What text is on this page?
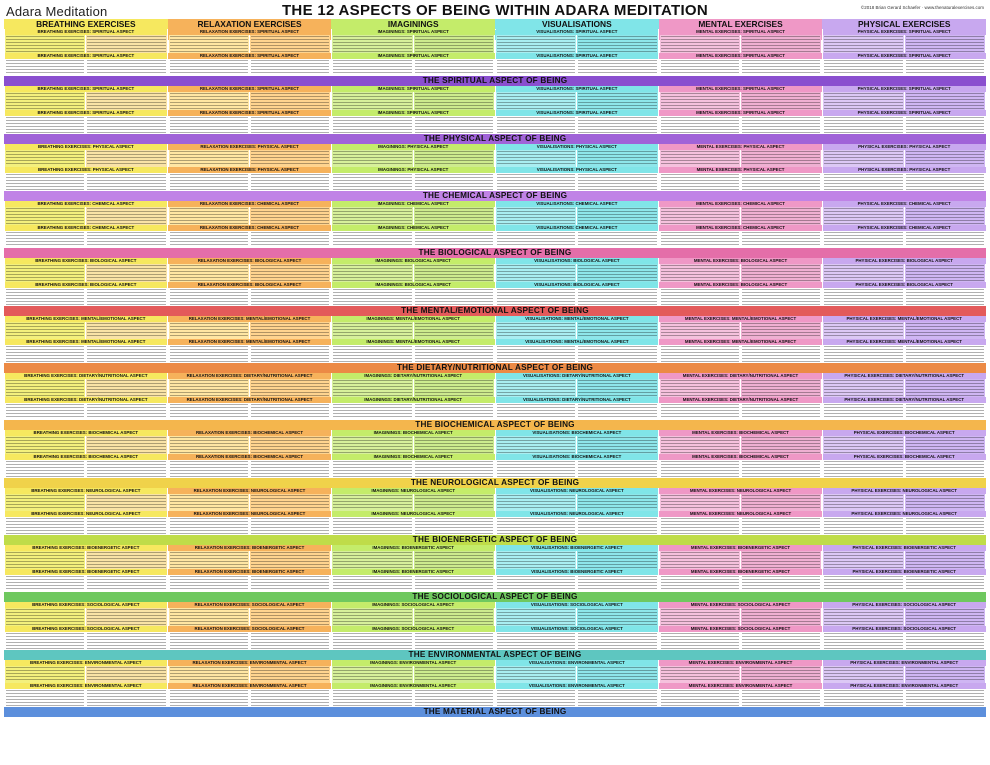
Adara Meditation	THE 12 ASPECTS OF BEING WITHIN ADARA MEDITATION	©2018 Brian Gerard Schaefer · www.thenaturalexercises.com
BREATHING EXERCISES	RELAXATION EXERCISES	IMAGININGS	VISUALISATIONS	MENTAL EXERCISES	PHYSICAL EXERCISES
BREATHING EXERCISES: SPIRITUAL ASPECT	RELAXATION EXERCISES: SPIRITUAL ASPECT	IMAGININGS: SPIRITUAL ASPECT	VISUALISATIONS: SPIRITUAL ASPECT	MENTAL EXERCISES: SPIRITUAL ASPECT	PHYSICAL EXERCISES: SPIRITUAL ASPECT
BREATHING EXERCISES: SPIRITUAL ASPECT	RELAXATION EXERCISES: SPIRITUAL ASPECT	IMAGININGS: SPIRITUAL ASPECT	VISUALISATIONS: SPIRITUAL ASPECT	MENTAL EXERCISES: SPIRITUAL ASPECT	PHYSICAL EXERCISES: SPIRITUAL ASPECT
THE SPIRITUAL ASPECT OF BEING
BREATHING EXERCISES: SPIRITUAL ASPECT	RELAXATION EXERCISES: SPIRITUAL ASPECT	IMAGININGS: SPIRITUAL ASPECT	VISUALISATIONS: SPIRITUAL ASPECT	MENTAL EXERCISES: SPIRITUAL ASPECT	PHYSICAL EXERCISES: SPIRITUAL ASPECT
BREATHING EXERCISES: SPIRITUAL ASPECT	RELAXATION EXERCISES: SPIRITUAL ASPECT	IMAGININGS: SPIRITUAL ASPECT	VISUALISATIONS: SPIRITUAL ASPECT	MENTAL EXERCISES: SPIRITUAL ASPECT	PHYSICAL EXERCISES: SPIRITUAL ASPECT
THE PHYSICAL ASPECT OF BEING
BREATHING EXERCISES: PHYSICAL ASPECT	RELAXATION EXERCISES: PHYSICAL ASPECT	IMAGININGS: PHYSICAL ASPECT	VISUALISATIONS: PHYSICAL ASPECT	MENTAL EXERCISES: PHYSICAL ASPECT	PHYSICAL EXERCISES: PHYSICAL ASPECT
BREATHING EXERCISES: PHYSICAL ASPECT	RELAXATION EXERCISES: PHYSICAL ASPECT	IMAGININGS: PHYSICAL ASPECT	VISUALISATIONS: PHYSICAL ASPECT	MENTAL EXERCISES: PHYSICAL ASPECT	PHYSICAL EXERCISES: PHYSICAL ASPECT
THE CHEMICAL ASPECT OF BEING
BREATHING EXERCISES: CHEMICAL ASPECT	RELAXATION EXERCISES: CHEMICAL ASPECT	IMAGININGS: CHEMICAL ASPECT	VISUALISATIONS: CHEMICAL ASPECT	MENTAL EXERCISES: CHEMICAL ASPECT	PHYSICAL EXERCISES: CHEMICAL ASPECT
BREATHING EXERCISES: CHEMICAL ASPECT	RELAXATION EXERCISES: CHEMICAL ASPECT	IMAGININGS: CHEMICAL ASPECT	VISUALISATIONS: CHEMICAL ASPECT	MENTAL EXERCISES: CHEMICAL ASPECT	PHYSICAL EXERCISES: CHEMICAL ASPECT
THE BIOLOGICAL ASPECT OF BEING
BREATHING EXERCISES: BIOLOGICAL ASPECT	RELAXATION EXERCISES: BIOLOGICAL ASPECT	IMAGININGS: BIOLOGICAL ASPECT	VISUALISATIONS: BIOLOGICAL ASPECT	MENTAL EXERCISES: BIOLOGICAL ASPECT	PHYSICAL EXERCISES: BIOLOGICAL ASPECT
BREATHING EXERCISES: BIOLOGICAL ASPECT	RELAXATION EXERCISES: BIOLOGICAL ASPECT	IMAGININGS: BIOLOGICAL ASPECT	VISUALISATIONS: BIOLOGICAL ASPECT	MENTAL EXERCISES: BIOLOGICAL ASPECT	PHYSICAL EXERCISES: BIOLOGICAL ASPECT
THE MENTAL/EMOTIONAL ASPECT OF BEING
BREATHING EXERCISES: MENTAL/EMOTIONAL ASPECT	RELAXATION EXERCISES: MENTAL/EMOTIONAL ASPECT	IMAGININGS: MENTAL/EMOTIONAL ASPECT	VISUALISATIONS: MENTAL/EMOTIONAL ASPECT	MENTAL EXERCISES: MENTAL/EMOTIONAL ASPECT	PHYSICAL EXERCISES: MENTAL/EMOTIONAL ASPECT
BREATHING EXERCISES: MENTAL/EMOTIONAL ASPECT	RELAXATION EXERCISES: MENTAL/EMOTIONAL ASPECT	IMAGININGS: MENTAL/EMOTIONAL ASPECT	VISUALISATIONS: MENTAL/EMOTIONAL ASPECT	MENTAL EXERCISES: MENTAL/EMOTIONAL ASPECT	PHYSICAL EXERCISES: MENTAL/EMOTIONAL ASPECT
THE DIETARY/NUTRITIONAL ASPECT OF BEING
BREATHING EXERCISES: DIETARY/NUTRITIONAL ASPECT	RELAXATION EXERCISES: DIETARY/NUTRITIONAL ASPECT	IMAGININGS: DIETARY/NUTRITIONAL ASPECT	VISUALISATIONS: DIETARY/NUTRITIONAL ASPECT	MENTAL EXERCISES: DIETARY/NUTRITIONAL ASPECT	PHYSICAL EXERCISES: DIETARY/NUTRITIONAL ASPECT
BREATHING EXERCISES: DIETARY/NUTRITIONAL ASPECT	RELAXATION EXERCISES: DIETARY/NUTRITIONAL ASPECT	IMAGININGS: DIETARY/NUTRITIONAL ASPECT	VISUALISATIONS: DIETARY/NUTRITIONAL ASPECT	MENTAL EXERCISES: DIETARY/NUTRITIONAL ASPECT	PHYSICAL EXERCISES: DIETARY/NUTRITIONAL ASPECT
THE BIOCHEMICAL ASPECT OF BEING
BREATHING EXERCISES: BIOCHEMICAL ASPECT	RELAXATION EXERCISES: BIOCHEMICAL ASPECT	IMAGININGS: BIOCHEMICAL ASPECT	VISUALISATIONS: BIOCHEMICAL ASPECT	MENTAL EXERCISES: BIOCHEMICAL ASPECT	PHYSICAL EXERCISES: BIOCHEMICAL ASPECT
BREATHING EXERCISES: BIOCHEMICAL ASPECT	RELAXATION EXERCISES: BIOCHEMICAL ASPECT	IMAGININGS: BIOCHEMICAL ASPECT	VISUALISATIONS: BIOCHEMICAL ASPECT	MENTAL EXERCISES: BIOCHEMICAL ASPECT	PHYSICAL EXERCISES: BIOCHEMICAL ASPECT
THE NEUROLOGICAL ASPECT OF BEING
BREATHING EXERCISES: NEUROLOGICAL ASPECT	RELAXATION EXERCISES: NEUROLOGICAL ASPECT	IMAGININGS: NEUROLOGICAL ASPECT	VISUALISATIONS: NEUROLOGICAL ASPECT	MENTAL EXERCISES: NEUROLOGICAL ASPECT	PHYSICAL EXERCISES: NEUROLOGICAL ASPECT
BREATHING EXERCISES: NEUROLOGICAL ASPECT	RELAXATION EXERCISES: NEUROLOGICAL ASPECT	IMAGININGS: NEUROLOGICAL ASPECT	VISUALISATIONS: NEUROLOGICAL ASPECT	MENTAL EXERCISES: NEUROLOGICAL ASPECT	PHYSICAL EXERCISES: NEUROLOGICAL ASPECT
THE BIOENERGETIC ASPECT OF BEING
BREATHING EXERCISES: BIOENERGETIC ASPECT	RELAXATION EXERCISES: BIOENERGETIC ASPECT	IMAGININGS: BIOENERGETIC ASPECT	VISUALISATIONS: BIOENERGETIC ASPECT	MENTAL EXERCISES: BIOENERGETIC ASPECT	PHYSICAL EXERCISES: BIOENERGETIC ASPECT
BREATHING EXERCISES: BIOENERGETIC ASPECT	RELAXATION EXERCISES: BIOENERGETIC ASPECT	IMAGININGS: BIOENERGETIC ASPECT	VISUALISATIONS: BIOENERGETIC ASPECT	MENTAL EXERCISES: BIOENERGETIC ASPECT	PHYSICAL EXERCISES: BIOENERGETIC ASPECT
THE SOCIOLOGICAL ASPECT OF BEING
BREATHING EXERCISES: SOCIOLOGICAL ASPECT	RELAXATION EXERCISES: SOCIOLOGICAL ASPECT	IMAGININGS: SOCIOLOGICAL ASPECT	VISUALISATIONS: SOCIOLOGICAL ASPECT	MENTAL EXERCISES: SOCIOLOGICAL ASPECT	PHYSICAL EXERCISES: SOCIOLOGICAL ASPECT
BREATHING EXERCISES: SOCIOLOGICAL ASPECT	RELAXATION EXERCISES: SOCIOLOGICAL ASPECT	IMAGININGS: SOCIOLOGICAL ASPECT	VISUALISATIONS: SOCIOLOGICAL ASPECT	MENTAL EXERCISES: SOCIOLOGICAL ASPECT	PHYSICAL EXERCISES: SOCIOLOGICAL ASPECT
THE ENVIRONMENTAL ASPECT OF BEING
BREATHING EXERCISES: ENVIRONMENTAL ASPECT	RELAXATION EXERCISES: ENVIRONMENTAL ASPECT	IMAGININGS: ENVIRONMENTAL ASPECT	VISUALISATIONS: ENVIRONMENTAL ASPECT	MENTAL EXERCISES: ENVIRONMENTAL ASPECT	PHYSICAL EXERCISES: ENVIRONMENTAL ASPECT
BREATHING EXERCISES: ENVIRONMENTAL ASPECT	RELAXATION EXERCISES: ENVIRONMENTAL ASPECT	IMAGININGS: ENVIRONMENTAL ASPECT	VISUALISATIONS: ENVIRONMENTAL ASPECT	MENTAL EXERCISES: ENVIRONMENTAL ASPECT	PHYSICAL EXERCISES: ENVIRONMENTAL ASPECT
THE MATERIAL ASPECT OF BEING
